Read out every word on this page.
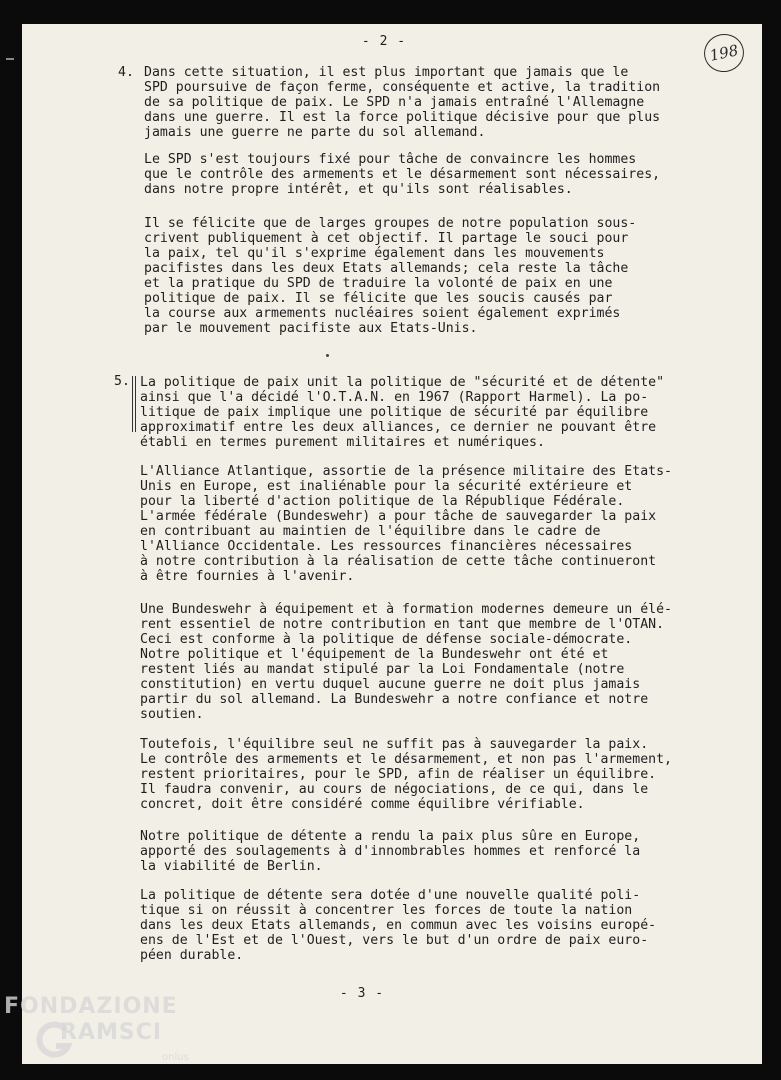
- 2 -	198
4. Dans cette situation, il est plus important que jamais que le
SPD poursuive de façon ferme, conséquente et active, la tradition
de sa politique de paix. Le SPD n'a jamais entraîné l'Allemagne
dans une guerre. Il est la force politique décisive pour que plus
jamais une guerre ne parte du sol allemand.

Le SPD s'est toujours fixé pour tâche de convaincre les hommes
que le contrôle des armements et le désarmement sont nécessaires,
dans notre propre intérêt, et qu'ils sont réalisables.

Il se félicite que de larges groupes de notre population sous-
crivent publiquement à cet objectif. Il partage le souci pour
la paix, tel qu'il s'exprime également dans les mouvements
pacifistes dans les deux Etats allemands; cela reste la tâche
et la pratique du SPD de traduire la volonté de paix en une
politique de paix. Il se félicite que les soucis causés par
la course aux armements nucléaires soient également exprimés
par le mouvement pacifiste aux Etats-Unis.

5. La politique de paix unit la politique de "sécurité et de détente"
ainsi que l'a décidé l'O.T.A.N. en 1967 (Rapport Harmel). La po-
litique de paix implique une politique de sécurité par équilibre
approximatif entre les deux alliances, ce dernier ne pouvant être
établi en termes purement militaires et numériques.

L'Alliance Atlantique, assortie de la présence militaire des Etats-
Unis en Europe, est inaliénable pour la sécurité extérieure et
pour la liberté d'action politique de la République Fédérale.
L'armée fédérale (Bundeswehr) a pour tâche de sauvegarder la paix
en contribuant au maintien de l'équilibre dans le cadre de
l'Alliance Occidentale. Les ressources financières nécessaires
à notre contribution à la réalisation de cette tâche continueront
à être fournies à l'avenir.

Une Bundeswehr à équipement et à formation modernes demeure un élé-
rent essentiel de notre contribution en tant que membre de l'OTAN.
Ceci est conforme à la politique de défense sociale-démocrate.
Notre politique et l'équipement de la Bundeswehr ont été et
restent liés au mandat stipulé par la Loi Fondamentale (notre
constitution) en vertu duquel aucune guerre ne doit plus jamais
partir du sol allemand. La Bundeswehr a notre confiance et notre
soutien.

Toutefois, l'équilibre seul ne suffit pas à sauvegarder la paix.
Le contrôle des armements et le désarmement, et non pas l'armement,
restent prioritaires, pour le SPD, afin de réaliser un équilibre.
Il faudra convenir, au cours de négociations, de ce qui, dans le
concret, doit être considéré comme équilibre vérifiable.

Notre politique de détente a rendu la paix plus sûre en Europe,
apporté des soulagements à d'innombrables hommes et renforcé la
la viabilité de Berlin.

La politique de détente sera dotée d'une nouvelle qualité poli-
tique si on réussit à concentrer les forces de toute la nation
dans les deux Etats allemands, en commun avec les voisins europé-
ens de l'Est et de l'Ouest, vers le but d'un ordre de paix euro-
péen durable.

- 3 -
FONDAZIONE
RAMSCI
onlus
